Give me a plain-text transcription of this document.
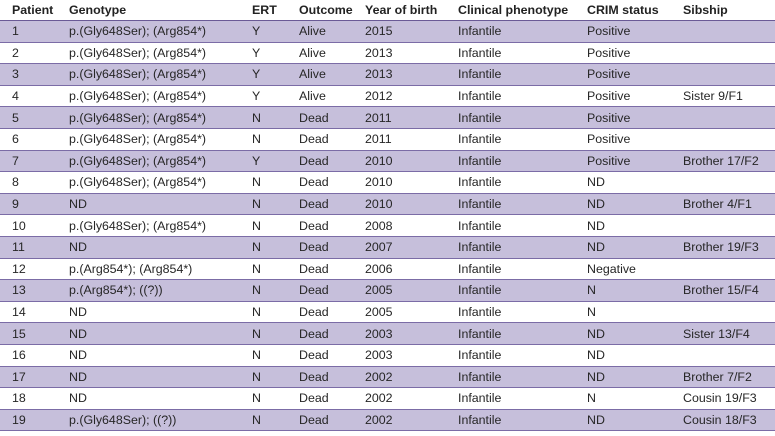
Patient	Genotype	ERT	Outcome	Year of birth	Clinical phenotype	CRIM status	Sibship
1	p.(Gly648Ser); (Arg854*)	Y	Alive	2015	Infantile	Positive	
2	p.(Gly648Ser); (Arg854*)	Y	Alive	2013	Infantile	Positive	
3	p.(Gly648Ser); (Arg854*)	Y	Alive	2013	Infantile	Positive	
4	p.(Gly648Ser); (Arg854*)	Y	Alive	2012	Infantile	Positive	Sister 9/F1
5	p.(Gly648Ser); (Arg854*)	N	Dead	2011	Infantile	Positive	
6	p.(Gly648Ser); (Arg854*)	N	Dead	2011	Infantile	Positive	
7	p.(Gly648Ser); (Arg854*)	Y	Dead	2010	Infantile	Positive	Brother 17/F2
8	p.(Gly648Ser); (Arg854*)	N	Dead	2010	Infantile	ND	
9	ND	N	Dead	2010	Infantile	ND	Brother 4/F1
10	p.(Gly648Ser); (Arg854*)	N	Dead	2008	Infantile	ND	
11	ND	N	Dead	2007	Infantile	ND	Brother 19/F3
12	p.(Arg854*); (Arg854*)	N	Dead	2006	Infantile	Negative	
13	p.(Arg854*); ((?))	N	Dead	2005	Infantile	N	Brother 15/F4
14	ND	N	Dead	2005	Infantile	N	
15	ND	N	Dead	2003	Infantile	ND	Sister 13/F4
16	ND	N	Dead	2003	Infantile	ND	
17	ND	N	Dead	2002	Infantile	ND	Brother 7/F2
18	ND	N	Dead	2002	Infantile	N	Cousin 19/F3
19	p.(Gly648Ser); ((?))	N	Dead	2002	Infantile	ND	Cousin 18/F3
